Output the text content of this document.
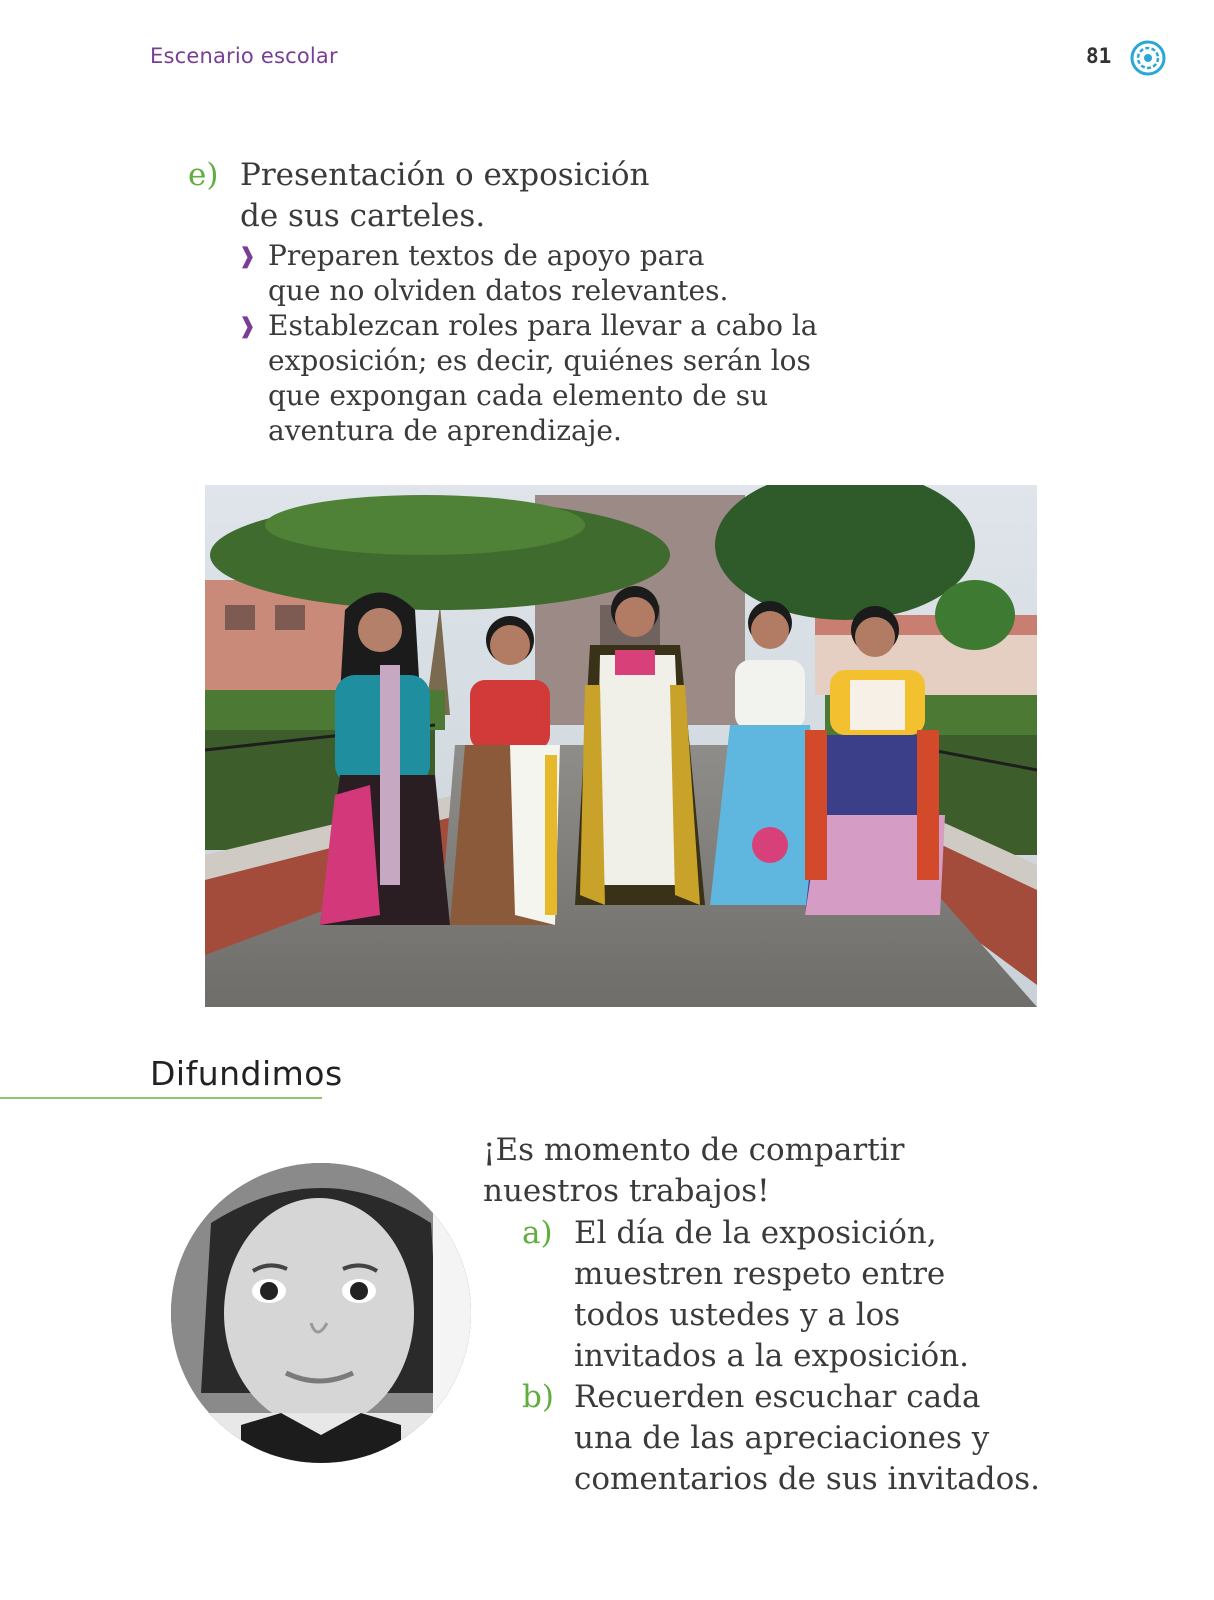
Escenario escolar	81
e) Presentación o exposición de sus carteles.
❱ Preparen textos de apoyo para que no olviden datos relevantes.
❱ Establezcan roles para llevar a cabo la exposición; es decir, quiénes serán los que expongan cada elemento de su aventura de aprendizaje.
Difundimos
¡Es momento de compartir nuestros trabajos!
a) El día de la exposición, muestren respeto entre todos ustedes y a los invitados a la exposición.
b) Recuerden escuchar cada una de las apreciaciones y comentarios de sus invitados.
